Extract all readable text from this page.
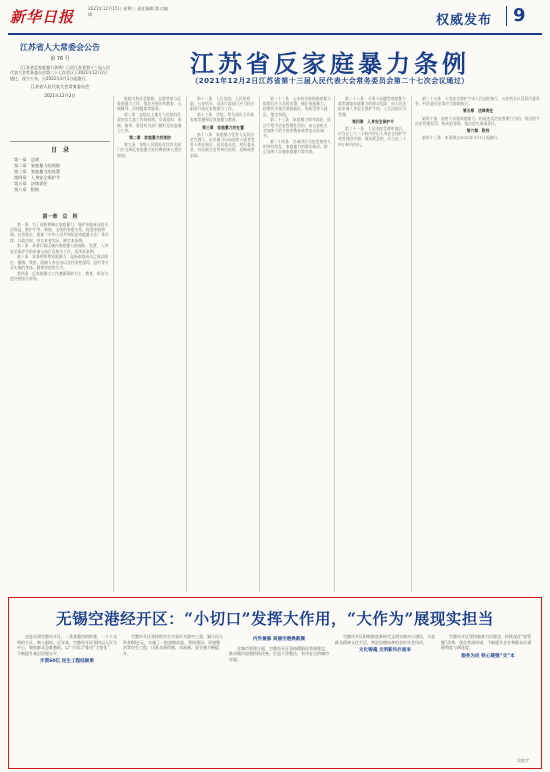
新华日报	2021年12月15日 星期三 责任编辑 版式编辑	权威发布	9
江苏省人大常委会公告
第 76 号
《江苏省反家庭暴力条例》已由江苏省第十三届人民代表大会常务委员会第二十七次会议于2021年12月2日通过，现予公布，自2022年3月1日起施行。
江苏省人民代表大会常务委员会
2021年12月2日
江苏省反家庭暴力条例
（2021年12月2日江苏省第十三届人民代表大会常务委员会第二十七次会议通过）
目　录
第一章　总则
第二章　家庭暴力的预防
第三章　家庭暴力的处置
第四章　人身安全保护令
第五章　法律责任
第六章　附则
第一章　总　则

第一条　为了预防和制止家庭暴力，保护家庭成员的合法权益，维护平等、和睦、文明的家庭关系，促进家庭和谐、社会稳定，根据《中华人民共和国反家庭暴力法》等法律、行政法规，结合本省实际，制定本条例。

第二条　本省行政区域内家庭暴力的预防、处置、人身安全保护令的申请与执行及相关工作，适用本条例。

第三条　本条例所称家庭暴力，是指家庭成员之间以殴打、捆绑、残害、限制人身自由以及经常性谩骂、恐吓等方式实施的身体、精神等侵害行为。

第四条　反家庭暴力工作遵循预防为主，教育、矫治与惩处相结合原则。

鼓励支持社会组织、志愿者参与反家庭暴力工作，依法开展宣传教育、心理辅导、法律援助等服务。

第八条　县级以上地方人民政府负责妇女儿童工作的机构，负责组织、协调、指导、督促有关部门做好反家庭暴力工作。

第二章　家庭暴力的预防

第九条　各级人民政府及其有关部门应当将反家庭暴力宣传教育纳入普法规划。

第十二条　人民法院、人民检察院、公安机关、司法行政部门应当结合职责开展反家庭暴力工作。

第十三条　学校、幼儿园应当开展家庭美德和反家庭暴力教育。

第三章　家庭暴力的处置

第十八条　家庭暴力受害人及其法定代理人、近亲属可以向加害人或者受害人所在单位、居民委员会、村民委员会、妇女联合会等单位投诉、反映或者求助。

第二十二条　公安机关接到家庭暴力报警后应当及时出警，制止家庭暴力，按照有关规定调查取证，协助受害人就医、鉴定伤情。

第二十三条　家庭暴力情节较轻，依法不给予治安管理处罚的，由公安机关对加害人给予批评教育或者出具告诫书。

第二十四条　告诫书应当包括加害人的身份信息、家庭暴力的事实陈述、禁止加害人实施家庭暴力等内容。

第二十八条　当事人因遭受家庭暴力或者面临家庭暴力的现实危险，向人民法院申请人身安全保护令的，人民法院应当受理。

第四章　人身安全保护令

第三十一条　人民法院受理申请后，应当在七十二小时内作出人身安全保护令或者驳回申请；情况紧急的，应当在二十四小时内作出。

第三十五条　人身安全保护令由人民法院执行，公安机关以及居民委员会、村民委员会等应当协助执行。

第五章　法律责任

第四十条　加害人实施家庭暴力，构成违反治安管理行为的，依法给予治安管理处罚；构成犯罪的，依法追究刑事责任。

第六章　附则

第四十三条　本条例自2022年3月1日起施行。

无锡空港经开区：“小切口”发挥大作用，“大作为”展现实担当

走进无锡空港经开区，一条条整洁的街巷、一个个文明的小区，映入眼帘。近年来，空港经开区坚持以人民为中心，聚焦群众急难愁盼，以“小切口”推动“大变化”，不断提升基层治理水平。

斥资60亿 民生工程结硕果

空港经开区坚持把民生实事作为重中之重，累计投入资金60亿元，实施了一批道路改造、管网建设、环境整治等民生工程，让群众获得感、幸福感、安全感不断提升。

内外兼修 美丽空港焕新颜

在城市管理方面，空港经开区坚持精细化管理理念，推动城市面貌持续改善，打造干净整洁、有序安全的城市环境。

空港经开区积极推进新时代文明实践中心建设，丰富群众精神文化生活，营造崇德向善的良好社会风尚。

文化铸魂 文明新风扑面来

空港经开区坚持服务为民理念，持续深化“放管服”改革，优化营商环境，不断提升企业和群众办事便利度与满意度。

服务为民 铁心建强“交”本

吴欣宇
